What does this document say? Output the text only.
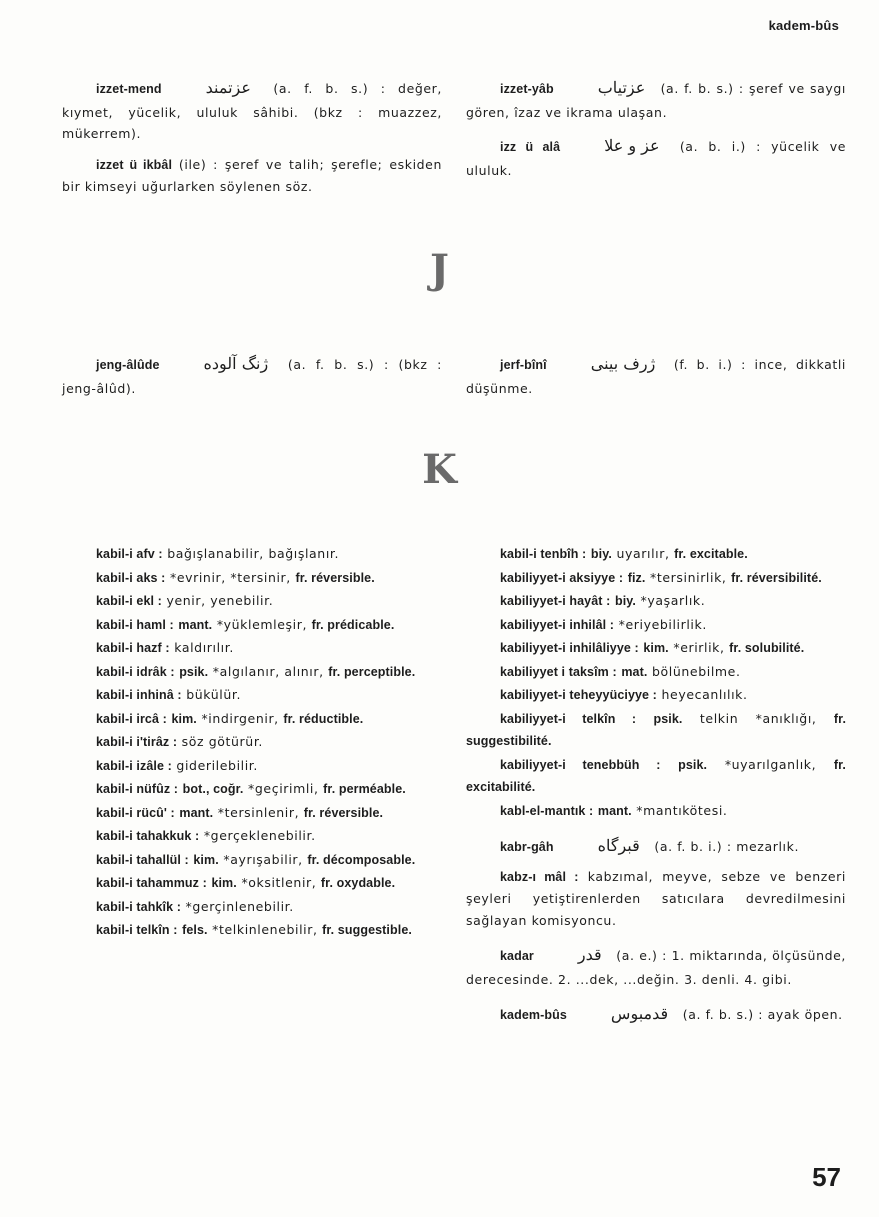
kadem-bûs

izzet-mend	عزتمند (a. f. b. s.) : değer, kıymet, yücelik, ululuk sâhibi. (bkz : muazzez, mükerrem).

izzet ü ikbâl (ile) : şeref ve talih; şerefle; eskiden bir kimseyi uğurlarken söylenen söz.

izzet-yâb	عزتياب (a. f. b. s.) : şeref ve saygı gören, îzaz ve ikrama ulaşan.

izz ü alâ	عز و علا (a. b. i.) : yücelik ve ululuk.

J

jeng-âlûde	ژنگ آلوده (a. f. b. s.) : (bkz : jeng-âlûd).

jerf-bînî	ژرف بینی (f. b. i.) : ince, dikkatli düşünme.

K

kabil-i afv : bağışlanabilir, bağışlanır.

kabil-i aks : *evrinir, *tersinir, fr. réversible.

kabil-i ekl : yenir, yenebilir.

kabil-i haml : mant. *yüklemleşir, fr. prédicable.

kabil-i hazf : kaldırılır.

kabil-i idrâk : psik. *algılanır, alınır, fr. perceptible.

kabil-i inhinâ : bükülür.

kabil-i ircâ : kim. *indirgenir, fr. réductible.

kabil-i i'tirâz : söz götürür.

kabil-i izâle : giderilebilir.

kabil-i nüfûz : bot., coğr. *geçirimli, fr. perméable.

kabil-i rücû' : mant. *tersinlenir, fr. réversible.

kabil-i tahakkuk : *gerçeklenebilir.

kabil-i tahallül : kim. *ayrışabilir, fr. décomposable.

kabil-i tahammuz : kim. *oksitlenir, fr. oxydable.

kabil-i tahkîk : *gerçinlenebilir.

kabil-i telkîn : fels. *telkinlenebilir, fr. suggestible.

kabil-i tenbîh : biy. uyarılır, fr. excitable.

kabiliyyet-i aksiyye : fiz. *tersinirlik, fr. réversibilité.

kabiliyyet-i hayât : biy. *yaşarlık.

kabiliyyet-i inhilâl : *eriyebilirlik.

kabiliyyet-i inhilâliyye : kim. *erirlik, fr. solubilité.

kabiliyyet i taksîm : mat. bölünebilme.

kabiliyyet-i teheyyüciyye : heyecanlılık.

kabiliyyet-i telkîn : psik. telkin *anıklığı, fr. suggestibilité.

kabiliyyet-i tenebbüh : psik. *uyarılganlık, fr. excitabilité.

kabl-el-mantık : mant. *mantıkötesi.

kabr-gâh	قبرگاه (a. f. b. i.) : mezarlık.

kabz-ı mâl : kabzımal, meyve, sebze ve benzeri şeyleri yetiştirenlerden satıcılara devredilmesini sağlayan komisyoncu.

kadar	قدر (a. e.) : 1. miktarında, ölçüsünde, derecesinde. 2. ...dek, ...değin. 3. denli. 4. gibi.

kadem-bûs	قدمبوس (a. f. b. s.) : ayak öpen.

57
